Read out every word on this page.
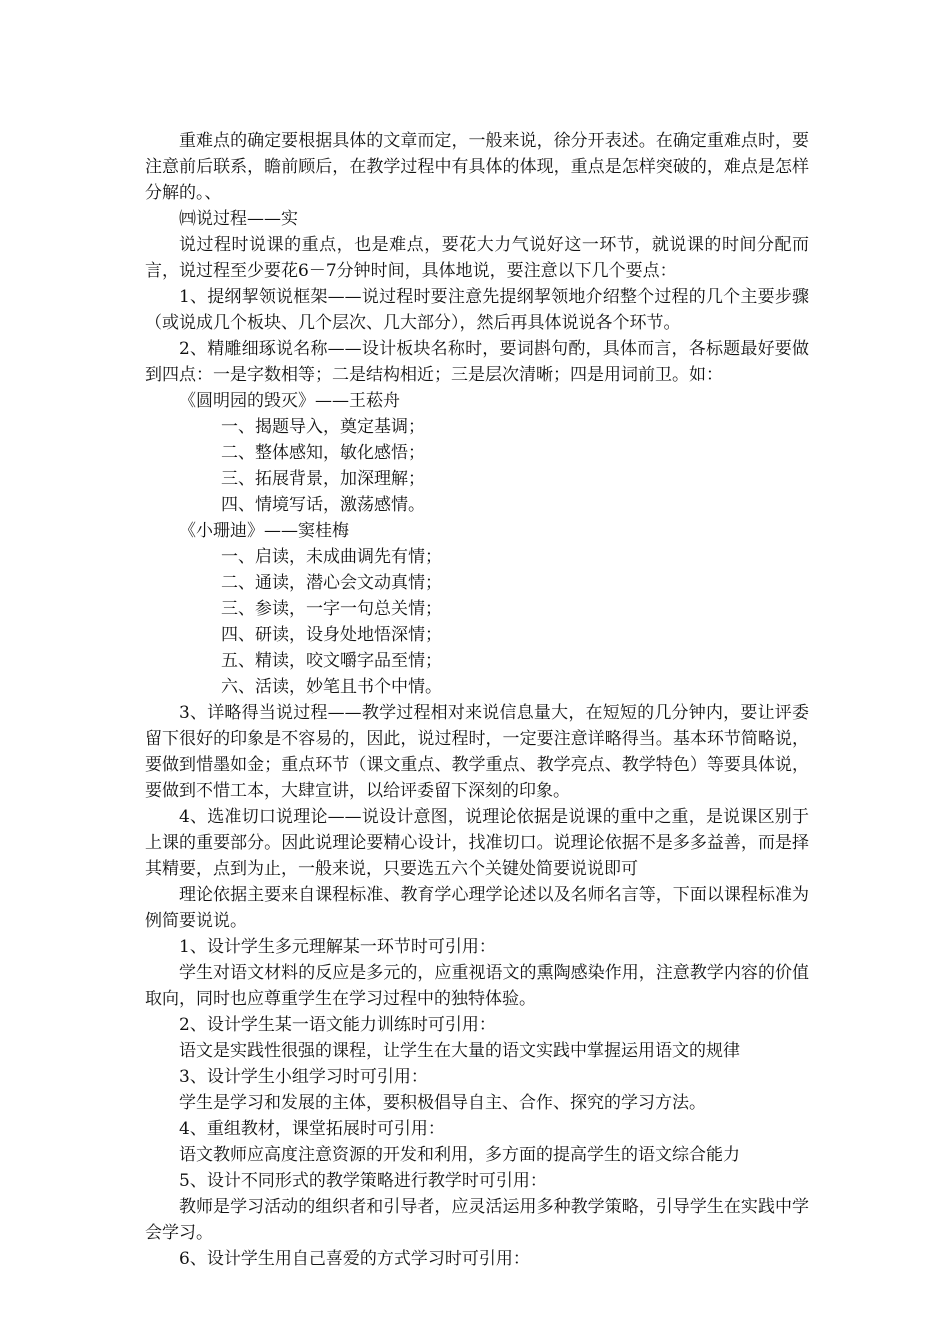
重难点的确定要根据具体的文章而定，一般来说，徐分开表述。在确定重难点时，要注意前后联系，瞻前顾后，在教学过程中有具体的体现，重点是怎样突破的，难点是怎样分解的。、

㈣说过程——实

说过程时说课的重点，也是难点，要花大力气说好这一环节，就说课的时间分配而言，说过程至少要花6－7分钟时间，具体地说，要注意以下几个要点：

1、提纲挈领说框架——说过程时要注意先提纲挈领地介绍整个过程的几个主要步骤（或说成几个板块、几个层次、几大部分），然后再具体说说各个环节。

2、精雕细琢说名称——设计板块名称时，要词斟句酌，具体而言，各标题最好要做到四点：一是字数相等；二是结构相近；三是层次清晰；四是用词前卫。如：

《圆明园的毁灭》——王菘舟

一、揭题导入，奠定基调；

二、整体感知，敏化感悟；

三、拓展背景，加深理解；

四、情境写话，激荡感情。

《小珊迪》——窦桂梅

一、启读，未成曲调先有情；

二、通读，潜心会文动真情；

三、参读，一字一句总关情；

四、研读，设身处地悟深情；

五、精读，咬文嚼字品至情；

六、活读，妙笔且书个中情。

3、详略得当说过程——教学过程相对来说信息量大，在短短的几分钟内，要让评委留下很好的印象是不容易的，因此，说过程时，一定要注意详略得当。基本环节简略说，要做到惜墨如金；重点环节（课文重点、教学重点、教学亮点、教学特色）等要具体说，要做到不惜工本，大肆宣讲，以给评委留下深刻的印象。

4、选准切口说理论——说设计意图，说理论依据是说课的重中之重，是说课区别于上课的重要部分。因此说理论要精心设计，找准切口。说理论依据不是多多益善，而是择其精要，点到为止，一般来说，只要选五六个关键处简要说说即可

理论依据主要来自课程标准、教育学心理学论述以及名师名言等，下面以课程标准为例简要说说。

1、设计学生多元理解某一环节时可引用：

学生对语文材料的反应是多元的，应重视语文的熏陶感染作用，注意教学内容的价值取向，同时也应尊重学生在学习过程中的独特体验。

2、设计学生某一语文能力训练时可引用：

语文是实践性很强的课程，让学生在大量的语文实践中掌握运用语文的规律

3、设计学生小组学习时可引用：

学生是学习和发展的主体，要积极倡导自主、合作、探究的学习方法。

4、重组教材，课堂拓展时可引用：

语文教师应高度注意资源的开发和利用，多方面的提高学生的语文综合能力

5、设计不同形式的教学策略进行教学时可引用：

教师是学习活动的组织者和引导者，应灵活运用多种教学策略，引导学生在实践中学会学习。

6、设计学生用自己喜爱的方式学习时可引用：
